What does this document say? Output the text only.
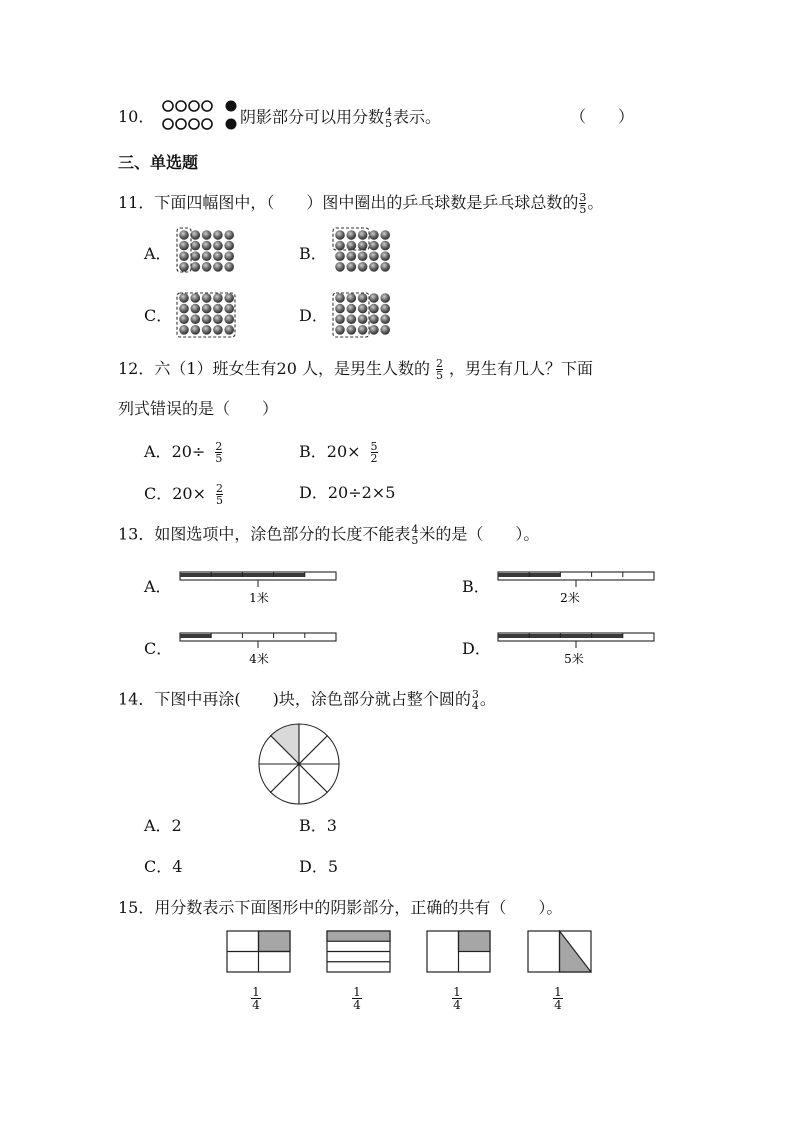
10．	阴影部分可以用分数 4
5 表示。	（　　）
三、单选题
11．下面四幅图中，（　　）图中圈出的乒乓球数是乒乓球总数的 $\frac{3}{5}$ 。
A．	B．
C．	D．
12．六（1）班女生有20 人，是男生人数的 $\frac{2}{5}$ ，男生有几人？下面
列式错误的是（　　）
A．$20\div \frac{2}{5}$	B．$20\times \frac{5}{2}$
C．$20\times \frac{2}{5}$	D．20÷2×5
13．如图选项中，涂色部分的长度不能表 4
5 米的是（　　）。
A．
1米
B．
2米
C．
4米
D．
5米
14．下图中再涂(　　)块，涂色部分就占整个圆的 3
4 。
A．2	B．3
C．4	D．5
15．用分数表示下面图形中的阴影部分，正确的共有（　　）。
1
4
1
4
1
4
1
4
